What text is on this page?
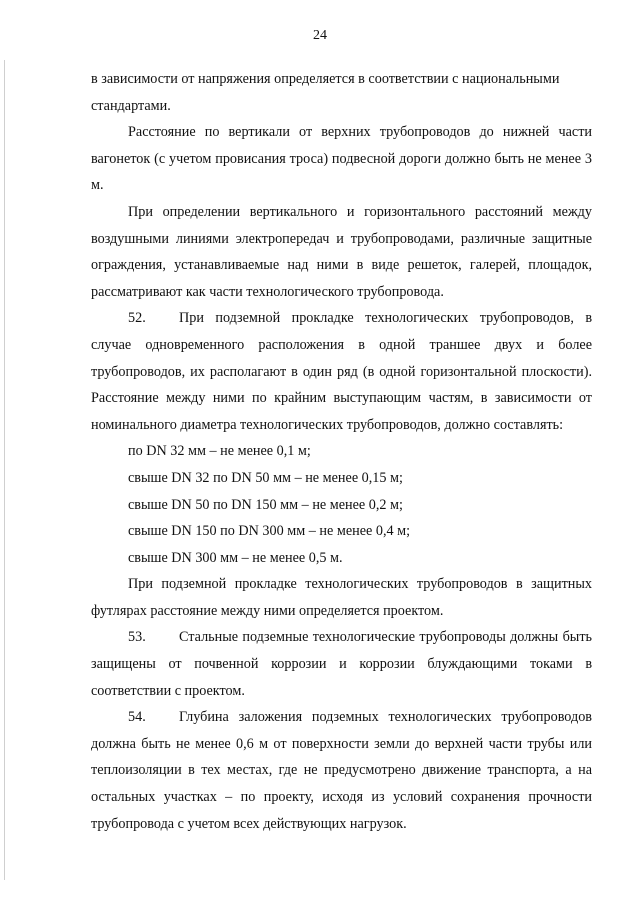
24

в зависимости от напряжения определяется в соответствии с национальными
стандартами.

Расстояние по вертикали от верхних трубопроводов до нижней части вагонеток (с учетом провисания троса) подвесной дороги должно быть не менее 3 м.

При определении вертикального и горизонтального расстояний между воздушными линиями электропередач и трубопроводами, различные защитные ограждения, устанавливаемые над ними в виде решеток, галерей, площадок, рассматривают как части технологического трубопровода.

52. При подземной прокладке технологических трубопроводов, в случае одновременного расположения в одной траншее двух и более трубопроводов, их располагают в один ряд (в одной горизонтальной плоскости). Расстояние между ними по крайним выступающим частям, в зависимости от номинального диаметра технологических трубопроводов, должно составлять:

по DN 32 мм – не менее 0,1 м;

свыше DN 32 по DN 50 мм – не менее 0,15 м;

свыше DN 50 по DN 150 мм – не менее 0,2 м;

свыше DN 150 по DN 300 мм – не менее 0,4 м;

свыше DN 300 мм – не менее 0,5 м.

При подземной прокладке технологических трубопроводов в защитных футлярах расстояние между ними определяется проектом.

53. Стальные подземные технологические трубопроводы должны быть защищены от почвенной коррозии и коррозии блуждающими токами в соответствии с проектом.

54. Глубина заложения подземных технологических трубопроводов должна быть не менее 0,6 м от поверхности земли до верхней части трубы или теплоизоляции в тех местах, где не предусмотрено движение транспорта, а на остальных участках – по проекту, исходя из условий сохранения прочности трубопровода с учетом всех действующих нагрузок.
